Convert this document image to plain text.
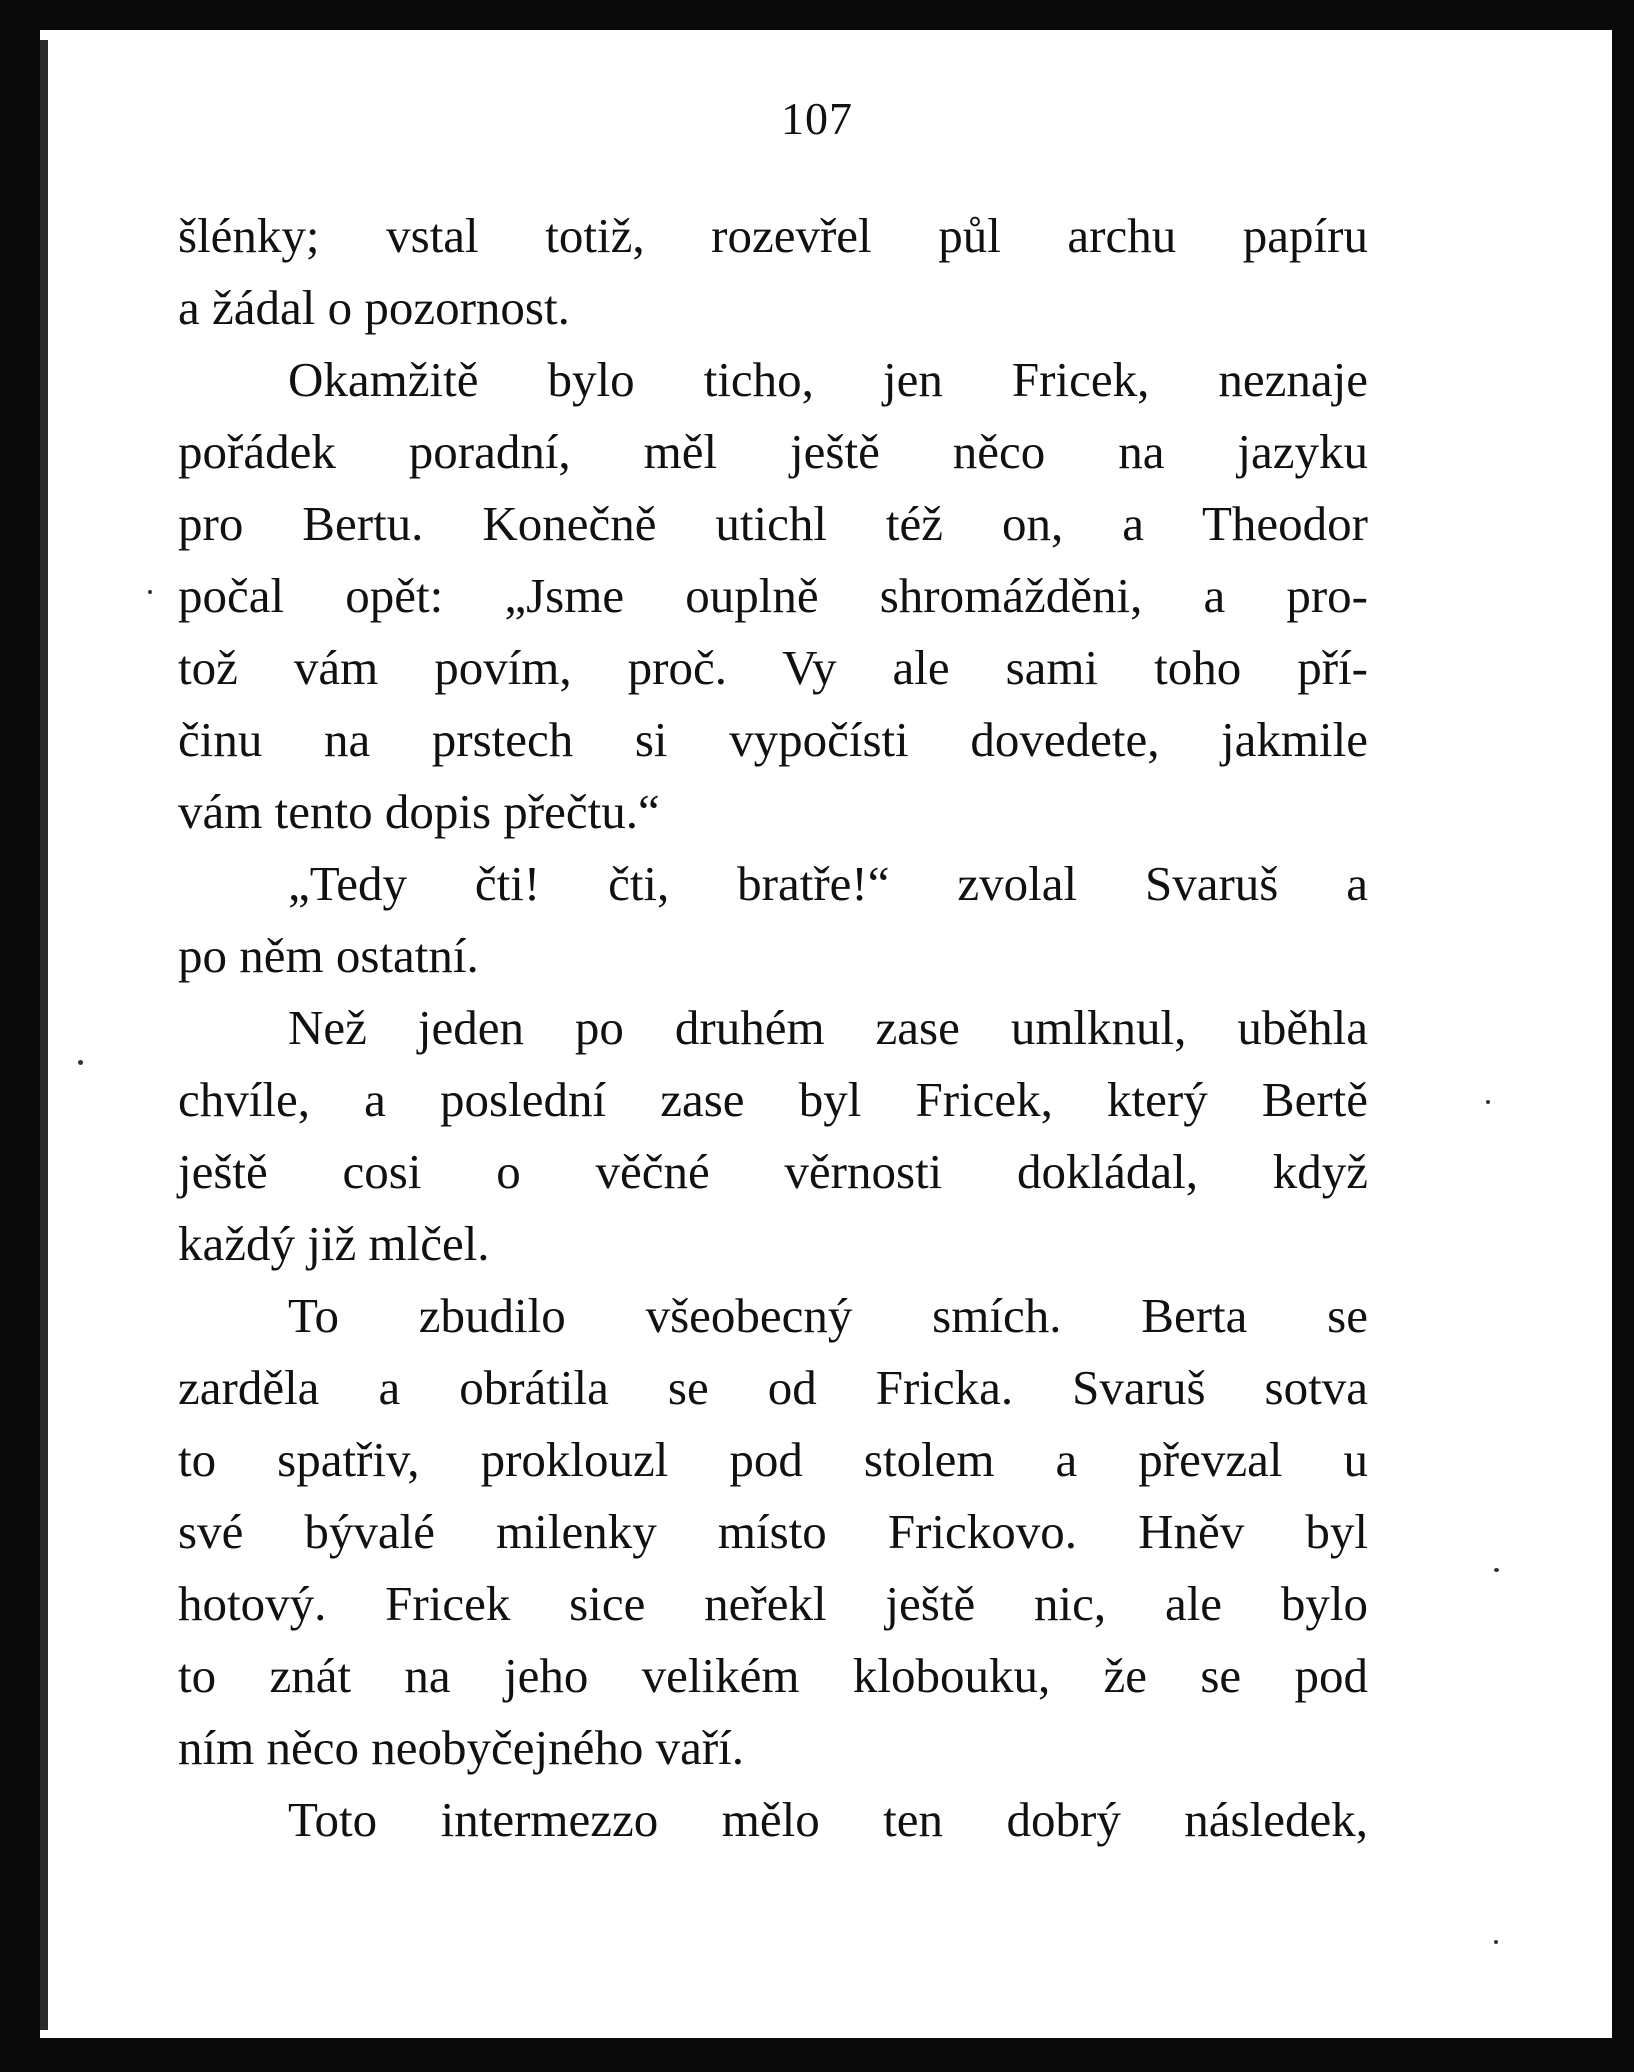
107
šlénky; vstal totiž, rozevřel půl archu papíru
a žádal o pozornost.
Okamžitě bylo ticho, jen Fricek, neznaje
pořádek poradní, měl ještě něco na jazyku
pro Bertu. Konečně utichl též on, a Theodor
počal opět: „Jsme ouplně shromážděni, a pro-
tož vám povím, proč. Vy ale sami toho pří-
činu na prstech si vypočísti dovedete, jakmile
vám tento dopis přečtu.“
„Tedy čti! čti, bratře!“ zvolal Svaruš a
po něm ostatní.
Než jeden po druhém zase umlknul, uběhla
chvíle, a poslední zase byl Fricek, který Bertě
ještě cosi o věčné věrnosti dokládal, když
každý již mlčel.
To zbudilo všeobecný smích. Berta se
zarděla a obrátila se od Fricka. Svaruš sotva
to spatřiv, proklouzl pod stolem a převzal u
své bývalé milenky místo Frickovo. Hněv byl
hotový. Fricek sice neřekl ještě nic, ale bylo
to znát na jeho velikém klobouku, že se pod
ním něco neobyčejného vaří.
Toto intermezzo mělo ten dobrý následek,
